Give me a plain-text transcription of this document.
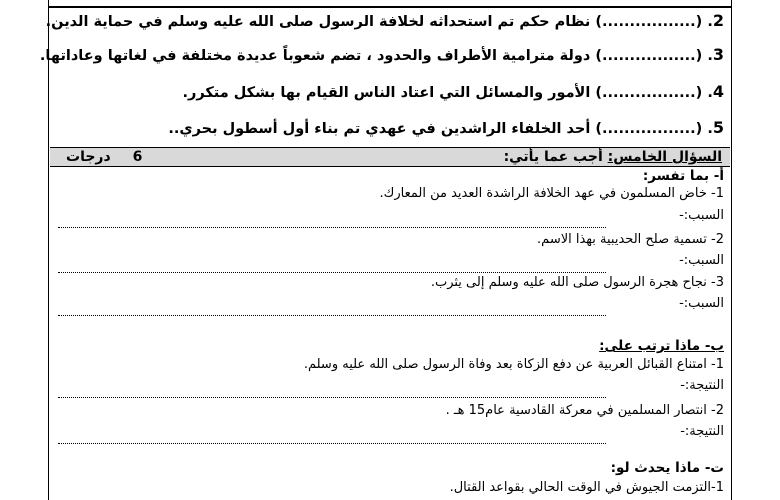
2. (.................) نظام حكم تم استحداثه لخلافة الرسول صلى الله عليه وسلم في حماية الدين.
3. (.................) دولة مترامية الأطراف والحدود ، تضم شعوباً عديدة مختلفة في لغاتها وعاداتها.
4. (.................) الأمور والمسائل التي اعتاد الناس القيام بها بشكل متكرر.
5. (.................) أحد الخلفاء الراشدين في عهدي تم بناء أول أسطول بحري..
السؤال الخامس: أجب عما يأتي:
6درجات
أ- بما تفسر:
1- خاض المسلمون في عهد الخلافة الراشدة العديد من المعارك.
السبب:-
2- تسمية صلح الحديبية بهذا الاسم.
السبب:-
3- نجاح هجرة الرسول صلى الله عليه وسلم إلى يثرب.
السبب:-
ب- ماذا ترتب على:
1- امتناع القبائل العربية عن دفع الزكاة بعد وفاة الرسول صلى الله عليه وسلم.
النتيجة:-
2- انتصار المسلمين في معركة القادسية عام15 هـ .
النتيجة:-
ت- ماذا يحدث لو:
1-التزمت الجيوش في الوقت الحالي بقواعد القتال.
